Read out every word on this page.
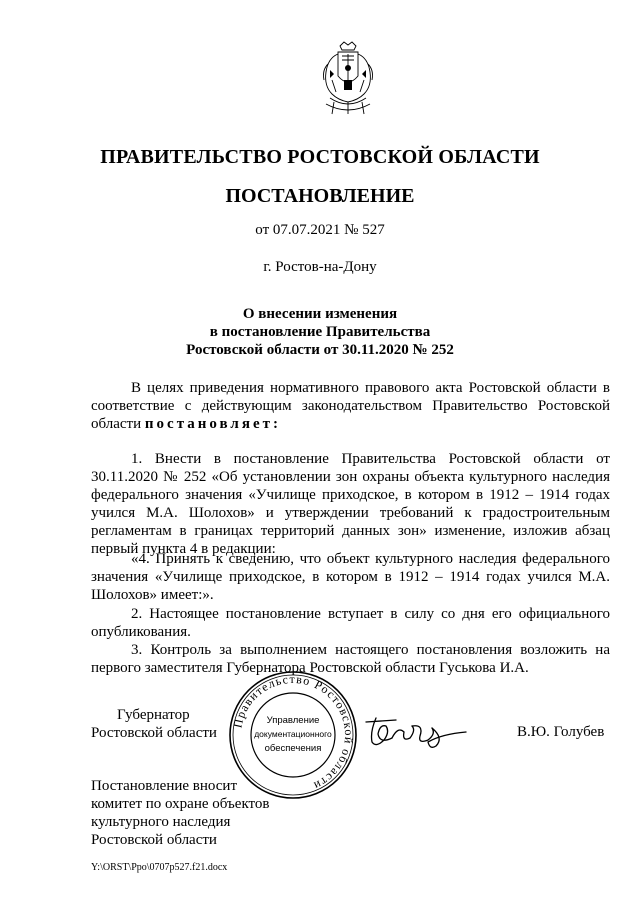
ПРАВИТЕЛЬСТВО РОСТОВСКОЙ ОБЛАСТИ
ПОСТАНОВЛЕНИЕ
от 07.07.2021 № 527
г. Ростов-на-Дону
О внесении изменения
в постановление Правительства
Ростовской области от 30.11.2020 № 252
В целях приведения нормативного правового акта Ростовской области в соответствие с действующим законодательством Правительство Ростовской области постановляет:
1. Внести в постановление Правительства Ростовской области от 30.11.2020 № 252 «Об установлении зон охраны объекта культурного наследия федерального значения «Училище приходское, в котором в 1912 – 1914 годах учился М.А. Шолохов» и утверждении требований к градостроительным регламентам в границах территорий данных зон» изменение, изложив абзац первый пункта 4 в редакции:
«4. Принять к сведению, что объект культурного наследия федерального значения «Училище приходское, в котором в 1912 – 1914 годах учился М.А. Шолохов» имеет:».
2. Настоящее постановление вступает в силу со дня его официального опубликования.
3. Контроль за выполнением настоящего постановления возложить на первого заместителя Губернатора Ростовской области Гуськова И.А.
Губернатор
Ростовской области
Правительство Ростовской области
Управление
документационного
обеспечения
В.Ю. Голубев
Постановление вносит
комитет по охране объектов
культурного наследия
Ростовской области
Y:\ORST\Ppo\0707p527.f21.docx
